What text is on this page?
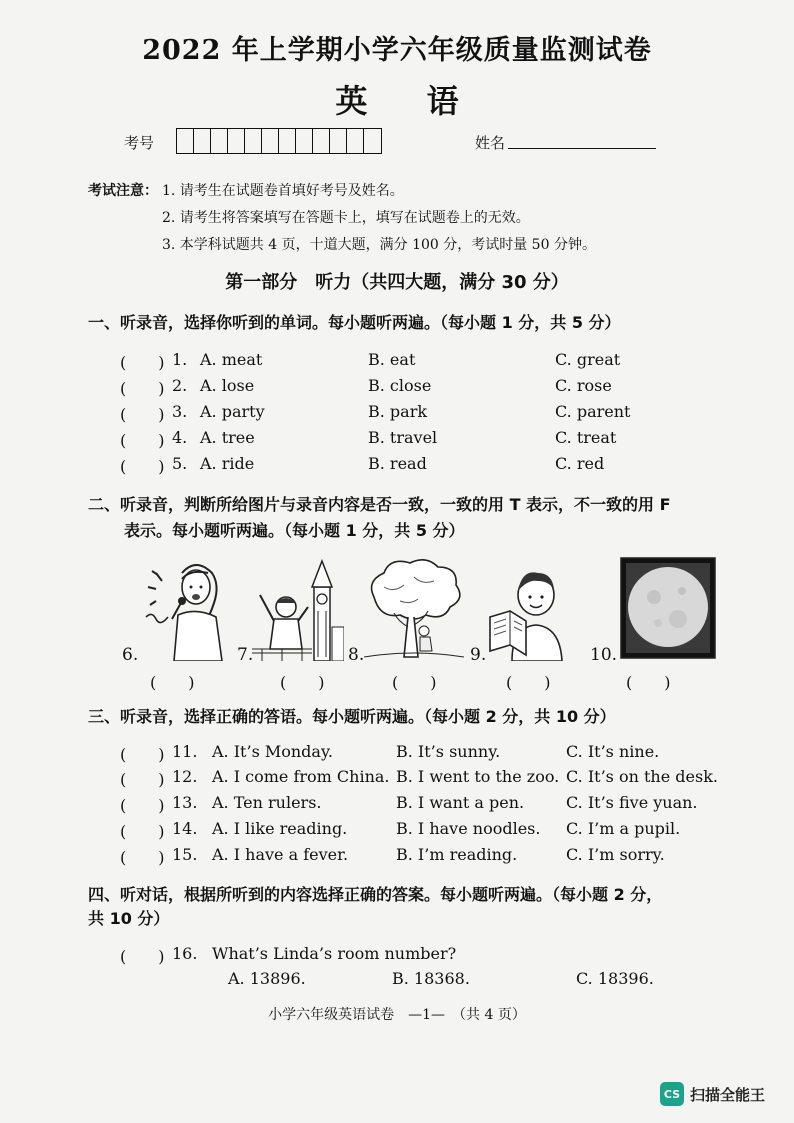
2022 年上学期小学六年级质量监测试卷
英 语
考号	姓名
考试注意： 1. 请考生在试题卷首填好考号及姓名。
2. 请考生将答案填写在答题卡上，填写在试题卷上的无效。
3. 本学科试题共 4 页，十道大题，满分 100 分，考试时量 50 分钟。
第一部分　听力（共四大题，满分 30 分）
一、听录音，选择你听到的单词。每小题听两遍。（每小题 1 分，共 5 分）
(　　) 1. A. meat	B. eat	C. great
(　　) 2. A. lose	B. close	C. rose
(　　) 3. A. party	B. park	C. parent
(　　) 4. A. tree	B. travel	C. treat
(　　) 5. A. ride	B. read	C. red
二、听录音，判断所给图片与录音内容是否一致，一致的用 T 表示，不一致的用 F
表示。每小题听两遍。（每小题 1 分，共 5 分）
6.
(　　)
7.
(　　)
8.
(　　)
9.
(　　)
10.
(　　)
三、听录音，选择正确的答语。每小题听两遍。（每小题 2 分，共 10 分）
(　　) 11. A. It’s Monday.	B. It’s sunny.	C. It’s nine.
(　　) 12. A. I come from China. B. I went to the zoo. C. It’s on the desk.
(　　) 13. A. Ten rulers.	B. I want a pen.	C. It’s five yuan.
(　　) 14. A. I like reading.	B. I have noodles. C. I’m a pupil.
(　　) 15. A. I have a fever.	B. I’m reading.	C. I’m sorry.
四、听对话，根据所听到的内容选择正确的答案。每小题听两遍。（每小题 2 分，
共 10 分）
(　　) 16. What’s Linda’s room number?
A. 13896.	B. 18368.	C. 18396.
小学六年级英语试卷　—1—　（共 4 页）
CS 扫描全能王
